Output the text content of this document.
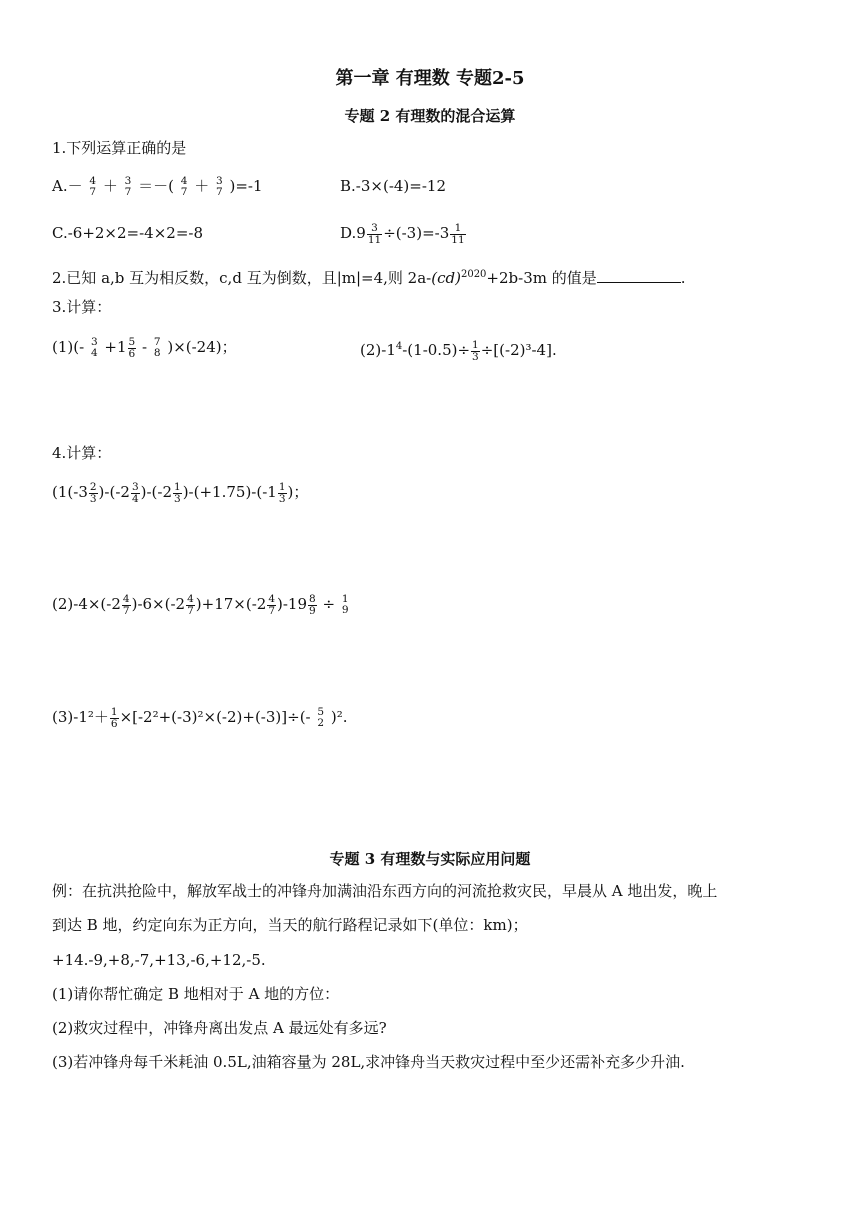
第一章 有理数 专题2-5
专题 2 有理数的混合运算
1.下列运算正确的是
A.－ 4
7 ＋ 3
7 ＝－( 4
7 ＋ 3
7 )=-1	B.-3×(-4)=-12
C.-6+2×2=-4×2=-8	$D.9 \frac{3}{11} \div(-3)=-3 \frac{1}{11}$
2.已知 a,b 互为相反数，c,d 互为倒数，且|m|=4,则 2a-(cd)$^{2020}$+2b-3m 的值是	.
3.计算：
(1)(- 3
$4 +1 \frac{5}{6} - 7$
8 )×(-24)；	$(2)-1^4-(1-0.5)\div \frac{1}{3} \div[(-2)^3-4]$.
4.计算：
($1(-3 \frac{2}{3} )-(-2 \frac{3}{4} )-(-2 \frac{1}{3} )-(+1.75)-(-1 \frac{1}{3}$ )；
$(2)-4\times(-2 \frac{4}{7} )-6\times(-2 \frac{4}{7} )+17\times(-2 \frac{4}{7} )-19 \frac{8}{9} \div 1$
9
$(3)-1^2+ \frac{1}{6} \times[-2^2+(-3)^2\times(-2)+(-3)]\div(-$ 5
2 )².
专题 3 有理数与实际应用问题
例：在抗洪抢险中，解放军战士的冲锋舟加满油沿东西方向的河流抢救灾民，早晨从 A 地出发，晚上
到达 B 地，约定向东为正方向，当天的航行路程记录如下(单位：km)；
+14.-9,+8,-7,+13,-6,+12,-5.
(1)请你帮忙确定 B 地相对于 A 地的方位：
(2)救灾过程中，冲锋舟离出发点 A 最远处有多远?
(3)若冲锋舟每千米耗油 0.5L,油箱容量为 28L,求冲锋舟当天救灾过程中至少还需补充多少升油.
